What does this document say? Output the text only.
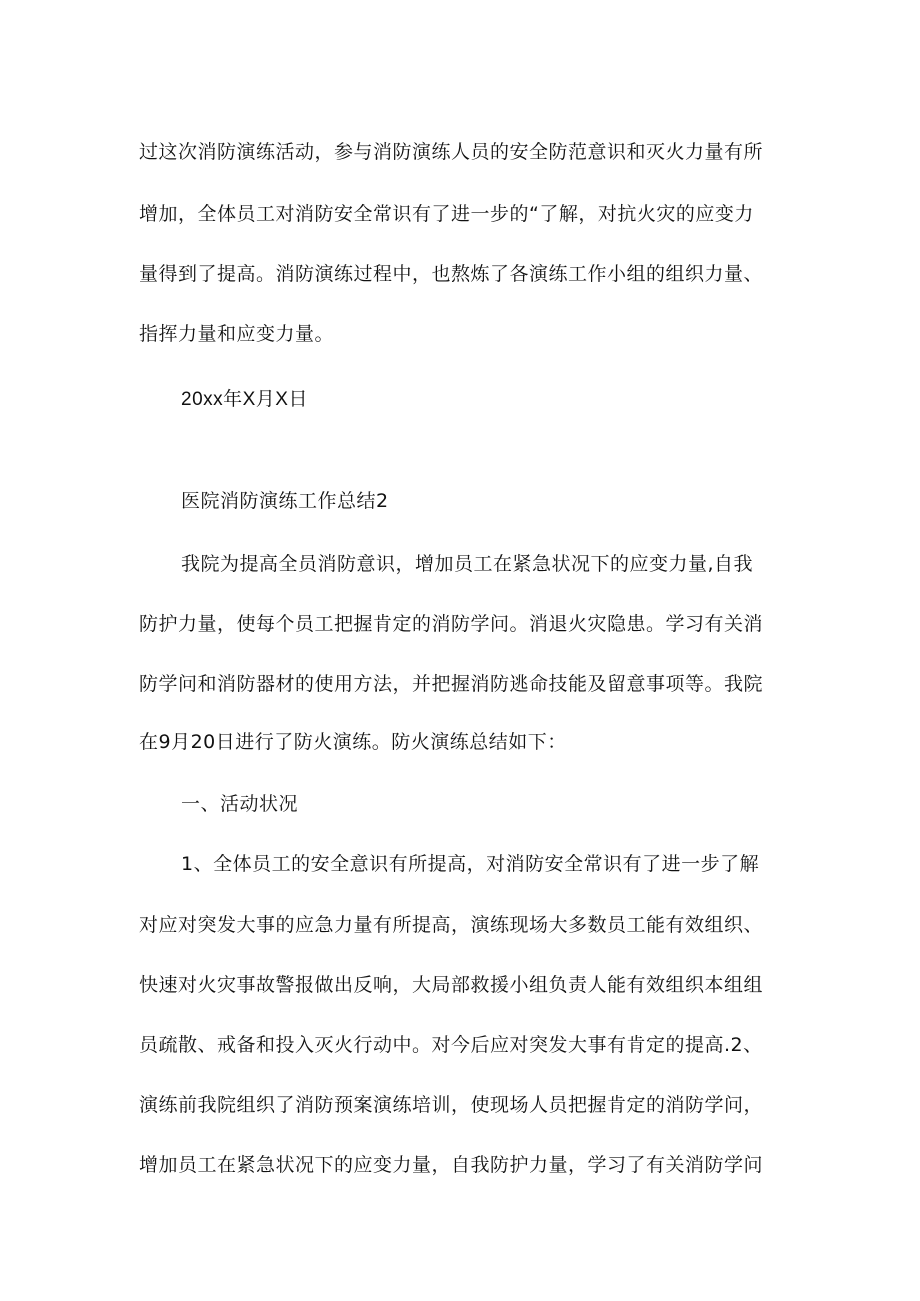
过这次消防演练活动，参与消防演练人员的安全防范意识和灭火力量有所
增加，全体员工对消防安全常识有了进一步的“了解，对抗火灾的应变力
量得到了提高。消防演练过程中，也熬炼了各演练工作小组的组织力量、
指挥力量和应变力量。
20xx年X月X日
医院消防演练工作总结2
我院为提高全员消防意识，增加员工在紧急状况下的应变力量,自我
防护力量，使每个员工把握肯定的消防学问。消退火灾隐患。学习有关消
防学问和消防器材的使用方法，并把握消防逃命技能及留意事项等。我院
在9月20日进行了防火演练。防火演练总结如下：
一、活动状况
1、全体员工的安全意识有所提高，对消防安全常识有了进一步了解
对应对突发大事的应急力量有所提高，演练现场大多数员工能有效组织、
快速对火灾事故警报做出反响，大局部救援小组负责人能有效组织本组组
员疏散、戒备和投入灭火行动中。对今后应对突发大事有肯定的提高.2、
演练前我院组织了消防预案演练培训，使现场人员把握肯定的消防学问，
增加员工在紧急状况下的应变力量，自我防护力量，学习了有关消防学问
